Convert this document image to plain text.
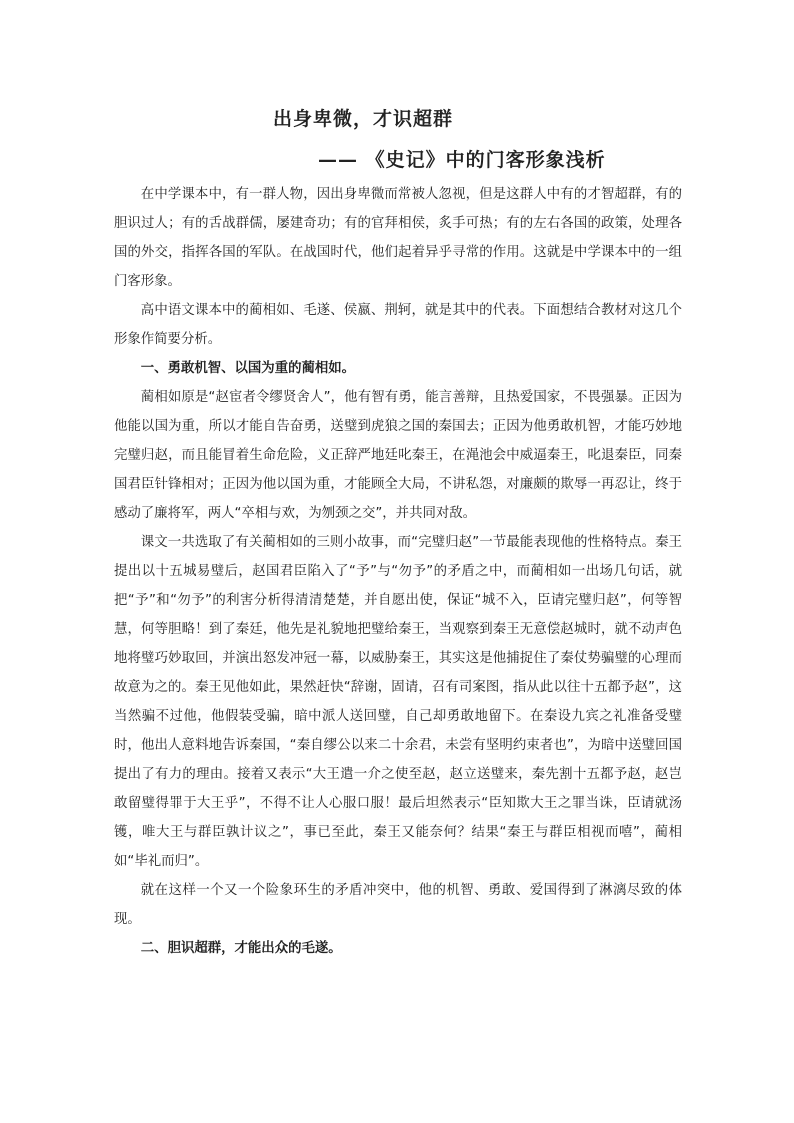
出身卑微，才识超群
—— 《史记》中的门客形象浅析

在中学课本中，有一群人物，因出身卑微而常被人忽视，但是这群人中有的才智超群，有的胆识过人；有的舌战群儒，屡建奇功；有的官拜相侯，炙手可热；有的左右各国的政策，处理各国的外交，指挥各国的军队。在战国时代，他们起着异乎寻常的作用。这就是中学课本中的一组门客形象。

高中语文课本中的蔺相如、毛遂、侯嬴、荆轲，就是其中的代表。下面想结合教材对这几个形象作简要分析。

一、勇敢机智、以国为重的蔺相如。

蔺相如原是“赵宦者令缪贤舍人”，他有智有勇，能言善辩，且热爱国家，不畏强暴。正因为他能以国为重，所以才能自告奋勇，送璧到虎狼之国的秦国去；正因为他勇敢机智，才能巧妙地完璧归赵，而且能冒着生命危险，义正辞严地廷叱秦王，在渑池会中威逼秦王，叱退秦臣，同秦国君臣针锋相对；正因为他以国为重，才能顾全大局，不讲私怨，对廉颇的欺辱一再忍让，终于感动了廉将军，两人“卒相与欢，为刎颈之交”，并共同对敌。

课文一共选取了有关蔺相如的三则小故事，而“完璧归赵”一节最能表现他的性格特点。秦王提出以十五城易璧后，赵国君臣陷入了“予”与“勿予”的矛盾之中，而蔺相如一出场几句话，就把“予”和“勿予”的利害分析得清清楚楚，并自愿出使，保证“城不入，臣请完璧归赵”，何等智慧，何等胆略！到了秦廷，他先是礼貌地把璧给秦王，当观察到秦王无意偿赵城时，就不动声色地将璧巧妙取回，并演出怒发冲冠一幕，以威胁秦王，其实这是他捕捉住了秦仗势骗璧的心理而故意为之的。秦王见他如此，果然赶快“辞谢，固请，召有司案图，指从此以往十五都予赵”，这当然骗不过他，他假装受骗，暗中派人送回璧，自己却勇敢地留下。在秦设九宾之礼准备受璧时，他出人意料地告诉秦国，“秦自缪公以来二十余君，未尝有坚明约束者也”，为暗中送璧回国提出了有力的理由。接着又表示“大王遣一介之使至赵，赵立送璧来，秦先割十五都予赵，赵岂敢留璧得罪于大王乎”，不得不让人心服口服！最后坦然表示“臣知欺大王之罪当诛，臣请就汤镬，唯大王与群臣孰计议之”，事已至此，秦王又能奈何？结果“秦王与群臣相视而嘻”，蔺相如“毕礼而归”。

就在这样一个又一个险象环生的矛盾冲突中，他的机智、勇敢、爱国得到了淋漓尽致的体现。

二、胆识超群，才能出众的毛遂。
